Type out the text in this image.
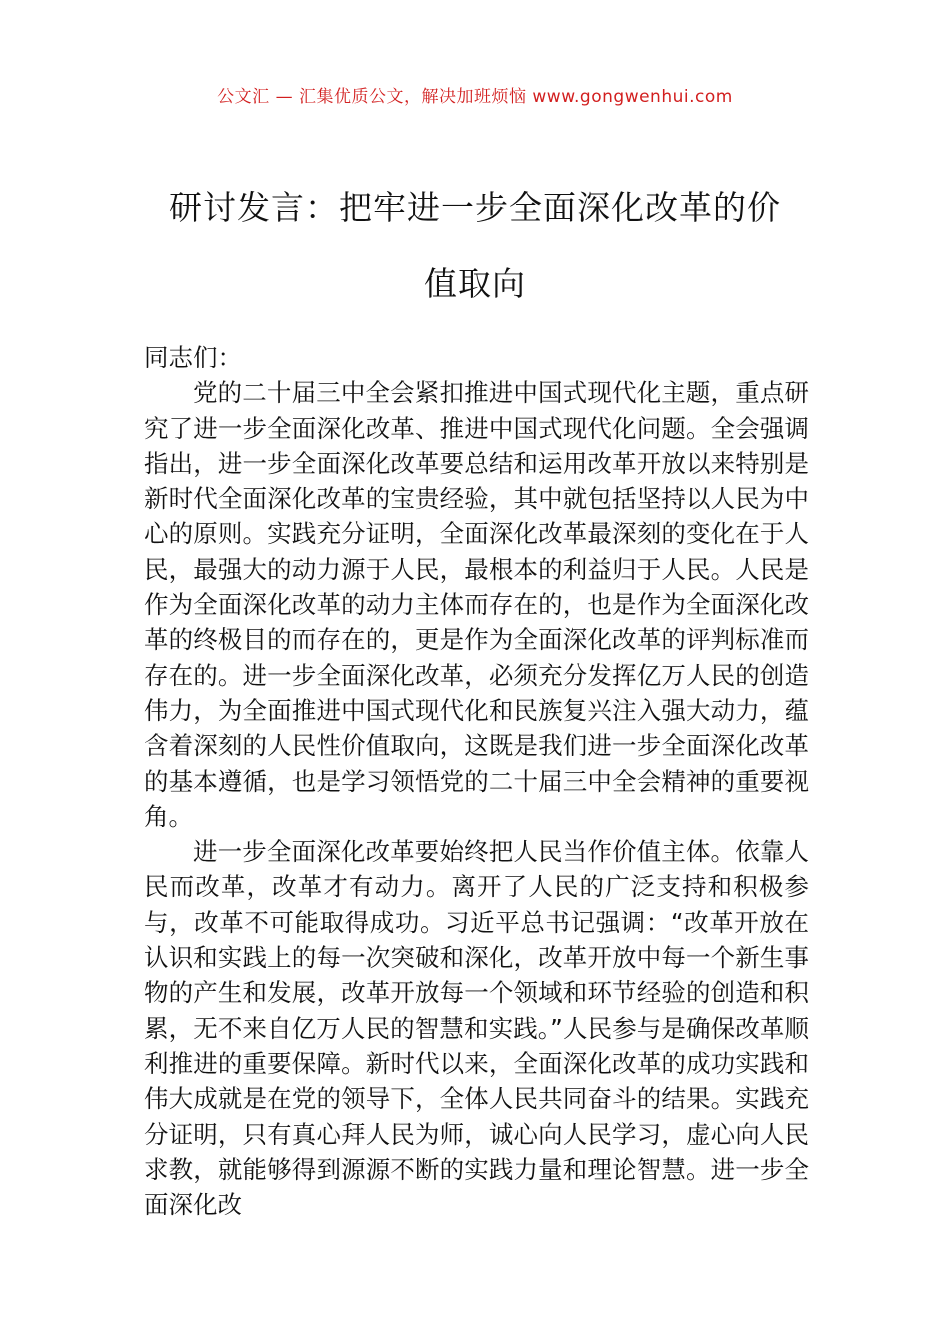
公文汇 — 汇集优质公文，解决加班烦恼 www.gongwenhui.com
研讨发言：把牢进一步全面深化改革的价
值取向

同志们：

党的二十届三中全会紧扣推进中国式现代化主题，重点研究了进一步全面深化改革、推进中国式现代化问题。全会强调指出，进一步全面深化改革要总结和运用改革开放以来特别是新时代全面深化改革的宝贵经验，其中就包括坚持以人民为中心的原则。实践充分证明，全面深化改革最深刻的变化在于人民，最强大的动力源于人民，最根本的利益归于人民。人民是作为全面深化改革的动力主体而存在的，也是作为全面深化改革的终极目的而存在的，更是作为全面深化改革的评判标准而存在的。进一步全面深化改革，必须充分发挥亿万人民的创造伟力，为全面推进中国式现代化和民族复兴注入强大动力，蕴含着深刻的人民性价值取向，这既是我们进一步全面深化改革的基本遵循，也是学习领悟党的二十届三中全会精神的重要视角。

进一步全面深化改革要始终把人民当作价值主体。依靠人民而改革，改革才有动力。离开了人民的广泛支持和积极参与，改革不可能取得成功。习近平总书记强调：“改革开放在认识和实践上的每一次突破和深化，改革开放中每一个新生事物的产生和发展，改革开放每一个领域和环节经验的创造和积累，无不来自亿万人民的智慧和实践。”人民参与是确保改革顺利推进的重要保障。新时代以来，全面深化改革的成功实践和伟大成就是在党的领导下，全体人民共同奋斗的结果。实践充分证明，只有真心拜人民为师，诚心向人民学习，虚心向人民求教，就能够得到源源不断的实践力量和理论智慧。进一步全面深化改
